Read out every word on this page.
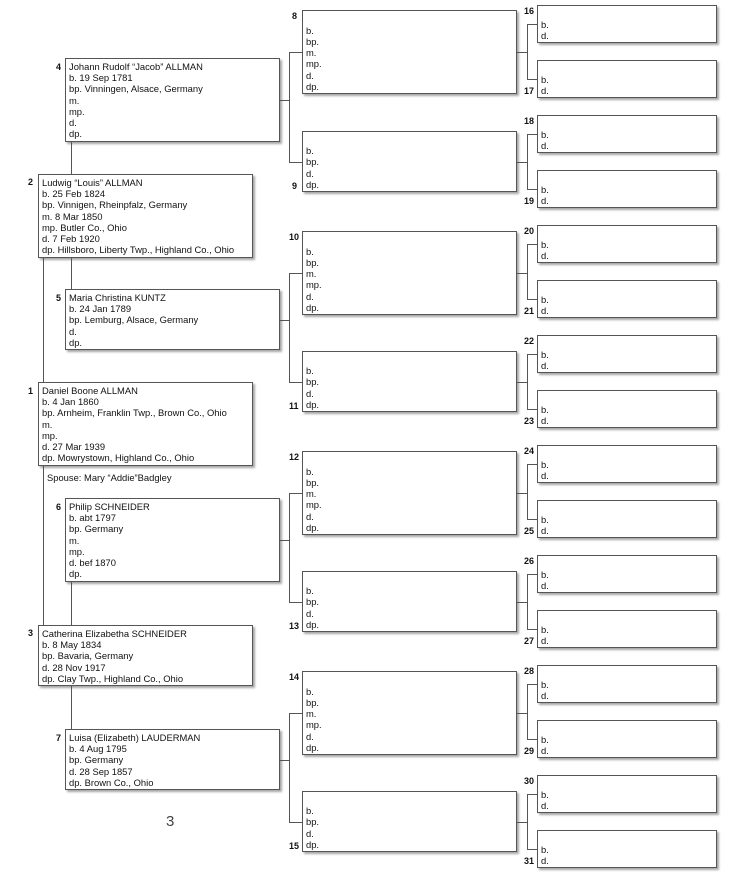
Daniel Boone ALLMAN
b. 4 Jan 1860
bp. Arnheim, Franklin Twp., Brown Co., Ohio
m.
mp.
d. 27 Mar 1939
dp. Mowrystown, Highland Co., Ohio
1
Ludwig “Louis” ALLMAN
b. 25 Feb 1824
bp. Vinnigen, Rheinpfalz, Germany
m. 8 Mar 1850
mp. Butler Co., Ohio
d. 7 Feb 1920
dp. Hillsboro, Liberty Twp., Highland Co., Ohio
2
Catherina Elizabetha SCHNEIDER
b. 8 May 1834
bp. Bavaria, Germany
d. 28 Nov 1917
dp. Clay Twp., Highland Co., Ohio
3
Johann Rudolf “Jacob” ALLMAN
b. 19 Sep 1781
bp. Vinningen, Alsace, Germany
m.
mp.
d.
dp.
4
Maria Christina KUNTZ
b. 24 Jan 1789
bp. Lemburg, Alsace, Germany
d.
dp.
5
Philip SCHNEIDER
b. abt 1797
bp. Germany
m.
mp.
d. bef 1870
dp.
6
Luisa (Elizabeth) LAUDERMAN
b. 4 Aug 1795
bp. Germany
d. 28 Sep 1857
dp. Brown Co., Ohio
7
b.
bp.
m.
mp.
d.
dp.
8
b.
bp.
d.
dp.
9
b.
bp.
m.
mp.
d.
dp.
10
b.
bp.
d.
dp.
11
b.
bp.
m.
mp.
d.
dp.
12
b.
bp.
d.
dp.
13
b.
bp.
m.
mp.
d.
dp.
14
b.
bp.
d.
dp.
15
b.
d.
16
b.
d.
17
b.
d.
18
b.
d.
19
b.
d.
20
b.
d.
21
b.
d.
22
b.
d.
23
b.
d.
24
b.
d.
25
b.
d.
26
b.
d.
27
b.
d.
28
b.
d.
29
b.
d.
30
b.
d.
31
Spouse: Mary “Addie”Badgley
3
